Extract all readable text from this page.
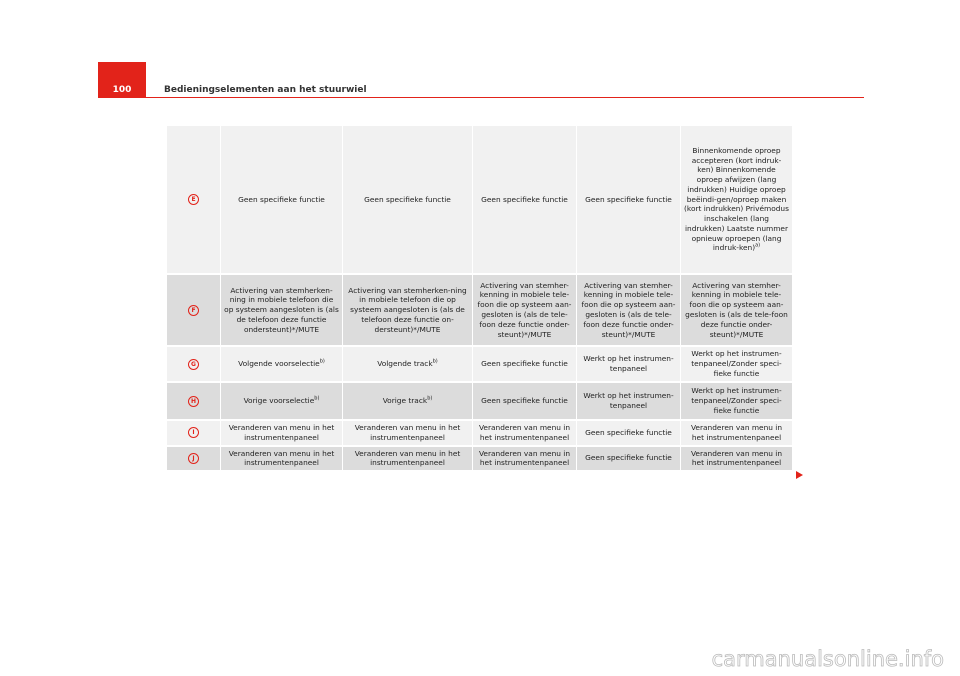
100	Bedieningselementen aan het stuurwiel
E	Geen specifieke functie	Geen specifieke functie	Geen specifieke functie	Geen specifieke functie	Binnenkomende oproep accepteren (kort indruk-ken) Binnenkomende oproep afwijzen (lang indrukken) Huidige oproep beëindi-gen/oproep maken (kort indrukken) Privémodus inschakelen (lang indrukken) Laatste nummer opnieuw oproepen (lang indruk-ken)$^{a)}$
F	Activering van stemherken-ning in mobiele telefoon die op systeem aangesloten is (als de telefoon deze functie ondersteunt)*/MUTE	Activering van stemherken-ning in mobiele telefoon die op systeem aangesloten is (als de telefoon deze functie on-dersteunt)*/MUTE	Activering van stemher-kenning in mobiele tele-foon die op systeem aan-gesloten is (als de tele-foon deze functie onder-steunt)*/MUTE	Activering van stemher-kenning in mobiele tele-foon die op systeem aan-gesloten is (als de tele-foon deze functie onder-steunt)*/MUTE	Activering van stemher-kenning in mobiele tele-foon die op systeem aan-gesloten is (als de tele-foon deze functie onder-steunt)*/MUTE
G	Volgende voorselectie$^{b)}$	Volgende track$^{b)}$	Geen specifieke functie	Werkt op het instrumen-tenpaneel	Werkt op het instrumen-tenpaneel/Zonder speci-fieke functie
H	Vorige voorselectie$^{b)}$	Vorige track$^{b)}$	Geen specifieke functie	Werkt op het instrumen-tenpaneel	Werkt op het instrumen-tenpaneel/Zonder speci-fieke functie
I	Veranderen van menu in het instrumentenpaneel	Veranderen van menu in het instrumentenpaneel	Veranderen van menu in het instrumentenpaneel	Geen specifieke functie	Veranderen van menu in het instrumentenpaneel
J	Veranderen van menu in het instrumentenpaneel	Veranderen van menu in het instrumentenpaneel	Veranderen van menu in het instrumentenpaneel	Geen specifieke functie	Veranderen van menu in het instrumentenpaneel
carmanualsonline.info
